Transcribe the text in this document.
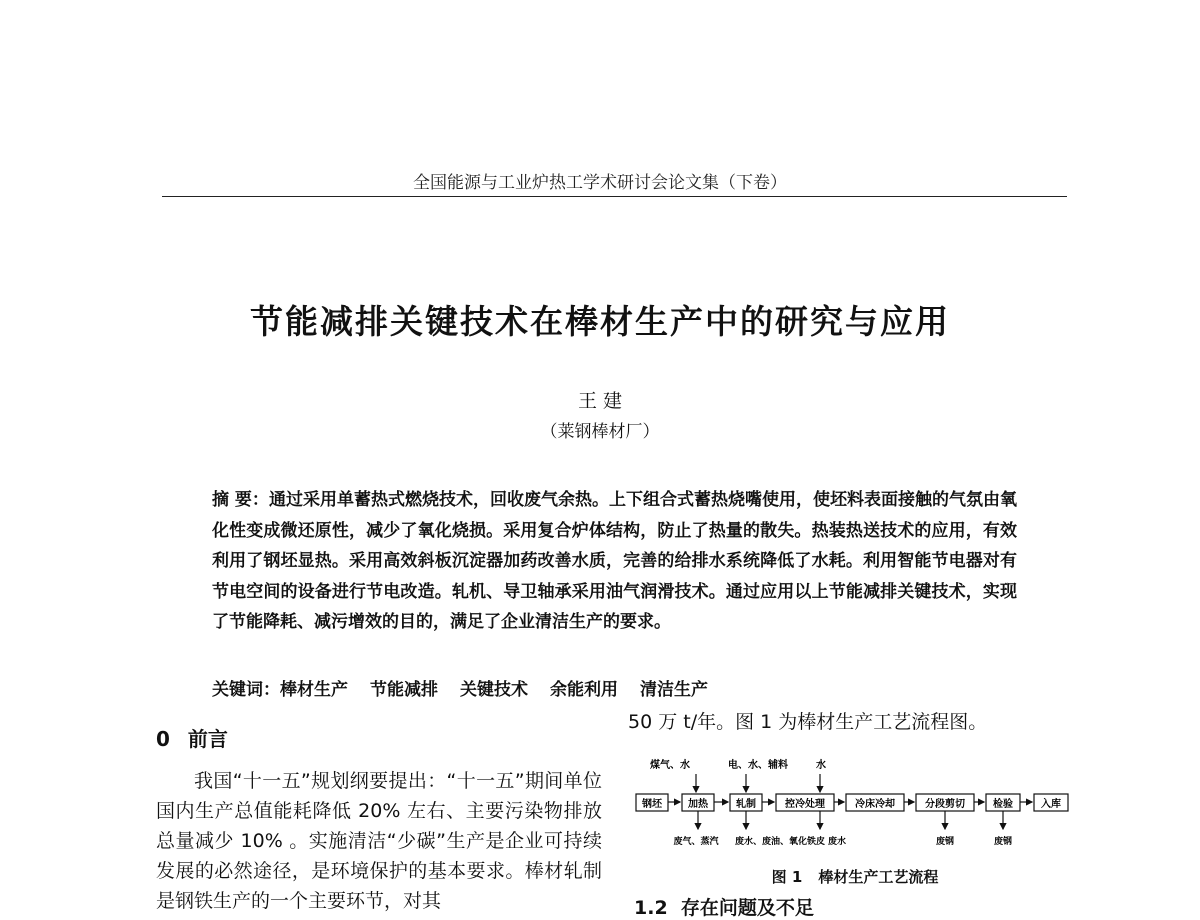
全国能源与工业炉热工学术研讨会论文集（下卷）
节能减排关键技术在棒材生产中的研究与应用
王 建
（莱钢棒材厂）
摘 要：通过采用单蓄热式燃烧技术，回收废气余热。上下组合式蓄热烧嘴使用，使坯料表面接触的气氛由氧化性变成微还原性，减少了氧化烧损。采用复合炉体结构，防止了热量的散失。热装热送技术的应用，有效利用了钢坯显热。采用高效斜板沉淀器加药改善水质，完善的给排水系统降低了水耗。利用智能节电器对有节电空间的设备进行节电改造。轧机、导卫轴承采用油气润滑技术。通过应用以上节能减排关键技术，实现了节能降耗、减污增效的目的，满足了企业清洁生产的要求。
关键词：棒材生产 节能减排 关键技术 余能利用 清洁生产
50 万 t/年。图 1 为棒材生产工艺流程图。
0 前言
我国“十一五”规划纲要提出：“十一五”期间单位国内生产总值能耗降低 20% 左右、主要污染物排放总量减少 10% 。实施清洁“少碳”生产是企业可持续发展的必然途径，是环境保护的基本要求。棒材轧制是钢铁生产的一个主要环节，对其
煤气、水	电、水、辅料	水
钢坯	加热	轧制	控冷处理	冷床冷却	分段剪切	检验	入库
废气、蒸汽 废水、废油、氧化铁皮 废水	废钢	废钢
图 1 棒材生产工艺流程
1.2 存在问题及不足
